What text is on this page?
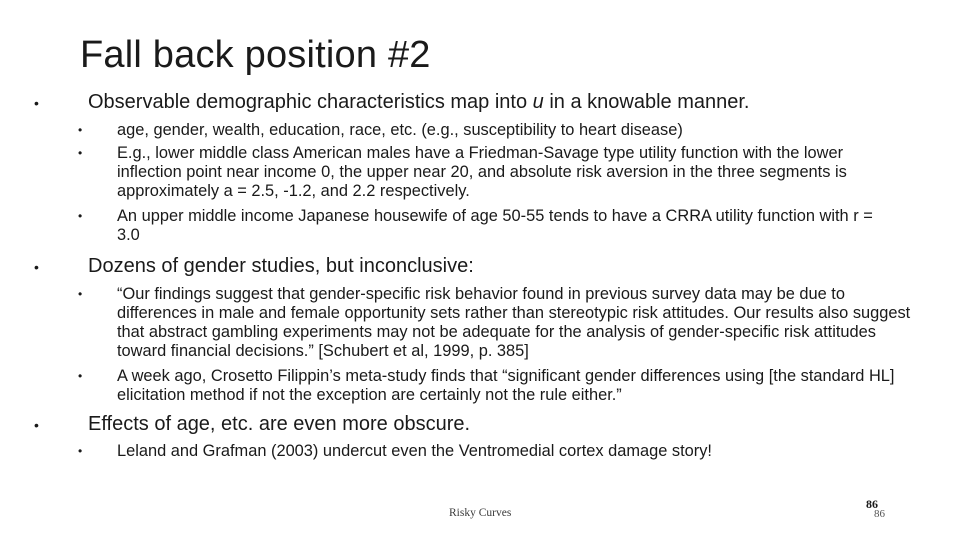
Fall back position #2
• Observable demographic characteristics map into u in a knowable manner.
• age, gender, wealth, education, race, etc. (e.g., susceptibility to heart disease)
• E.g., lower middle class American males have a Friedman-Savage type utility function with the lower inflection point near income 0, the upper near 20, and absolute risk aversion in the three segments is approximately a = 2.5, -1.2, and 2.2 respectively.
• An upper middle income Japanese housewife of age 50-55 tends to have a CRRA utility function with r = 3.0
• Dozens of gender studies, but inconclusive:
• “Our findings suggest that gender-specific risk behavior found in previous survey data may be due to differences in male and female opportunity sets rather than stereotypic risk attitudes. Our results also suggest that abstract gambling experiments may not be adequate for the analysis of gender-specific risk attitudes toward financial decisions.” [Schubert et al, 1999, p. 385]
• A week ago, Crosetto Filippin’s meta-study finds that “significant gender differences using [the standard HL] elicitation method if not the exception are certainly not the rule either.”
• Effects of age, etc. are even more obscure.
• Leland and Grafman (2003) undercut even the Ventromedial cortex damage story!
Risky Curves
86
86
